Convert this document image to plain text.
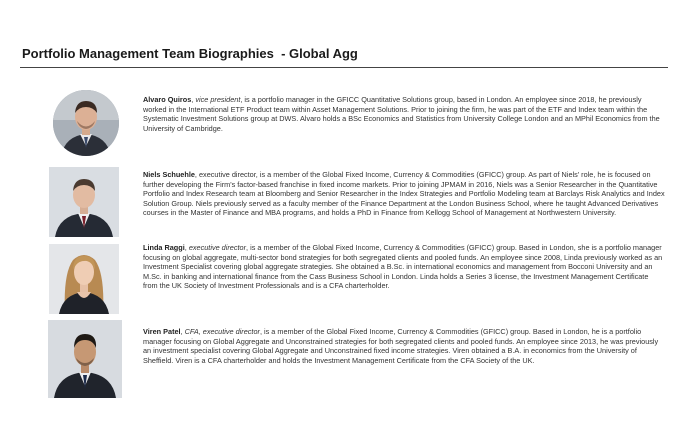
Portfolio Management Team Biographies  - Global Agg
Alvaro Quiros, vice president, is a portfolio manager in the GFICC Quantitative Solutions group, based in London. An employee since 2018, he previously worked in the International ETF Product team within Asset Management Solutions. Prior to joining the firm, he was part of the ETF and Index team within the Systematic Investment Solutions group at DWS. Alvaro holds a BSc Economics and Statistics from University College London and an MPhil Economics from the University of Cambridge.
Niels Schuehle, executive director, is a member of the Global Fixed Income, Currency & Commodities (GFICC) group. As part of Niels' role, he is focused on further developing the Firm's factor-based franchise in fixed income markets. Prior to joining JPMAM in 2016, Niels was a Senior Researcher in the Quantitative Portfolio and Index Research team at Bloomberg and Senior Researcher in the Index Strategies and Portfolio Modeling team at Barclays Risk Analytics and Index Solution Group. Niels previously served as a faculty member of the Finance Department at the London Business School, where he taught Advanced Derivatives courses in the Master of Finance and MBA programs, and holds a PhD in Finance from Kellogg School of Management at Northwestern University.
Linda Raggi, executive director, is a member of the Global Fixed Income, Currency & Commodities (GFICC) group. Based in London, she is a portfolio manager focusing on global aggregate, multi-sector bond strategies for both segregated clients and pooled funds. An employee since 2008, Linda previously worked as an Investment Specialist covering global aggregate strategies. She obtained a B.Sc. in international economics and management from Bocconi University and an M.Sc. in banking and international finance from the Cass Business School in London. Linda holds a Series 3 license, the Investment Management Certificate from the UK Society of Investment Professionals and is a CFA charterholder.
Viren Patel, CFA, executive director, is a member of the Global Fixed Income, Currency & Commodities (GFICC) group. Based in London, he is a portfolio manager focusing on Global Aggregate and Unconstrained strategies for both segregated clients and pooled funds. An employee since 2013, he was previously an investment specialist covering Global Aggregate and Unconstrained fixed income strategies. Viren obtained a B.A. in economics from the University of Sheffield. Viren is a CFA charterholder and holds the Investment Management Certificate from the CFA Society of the UK.
